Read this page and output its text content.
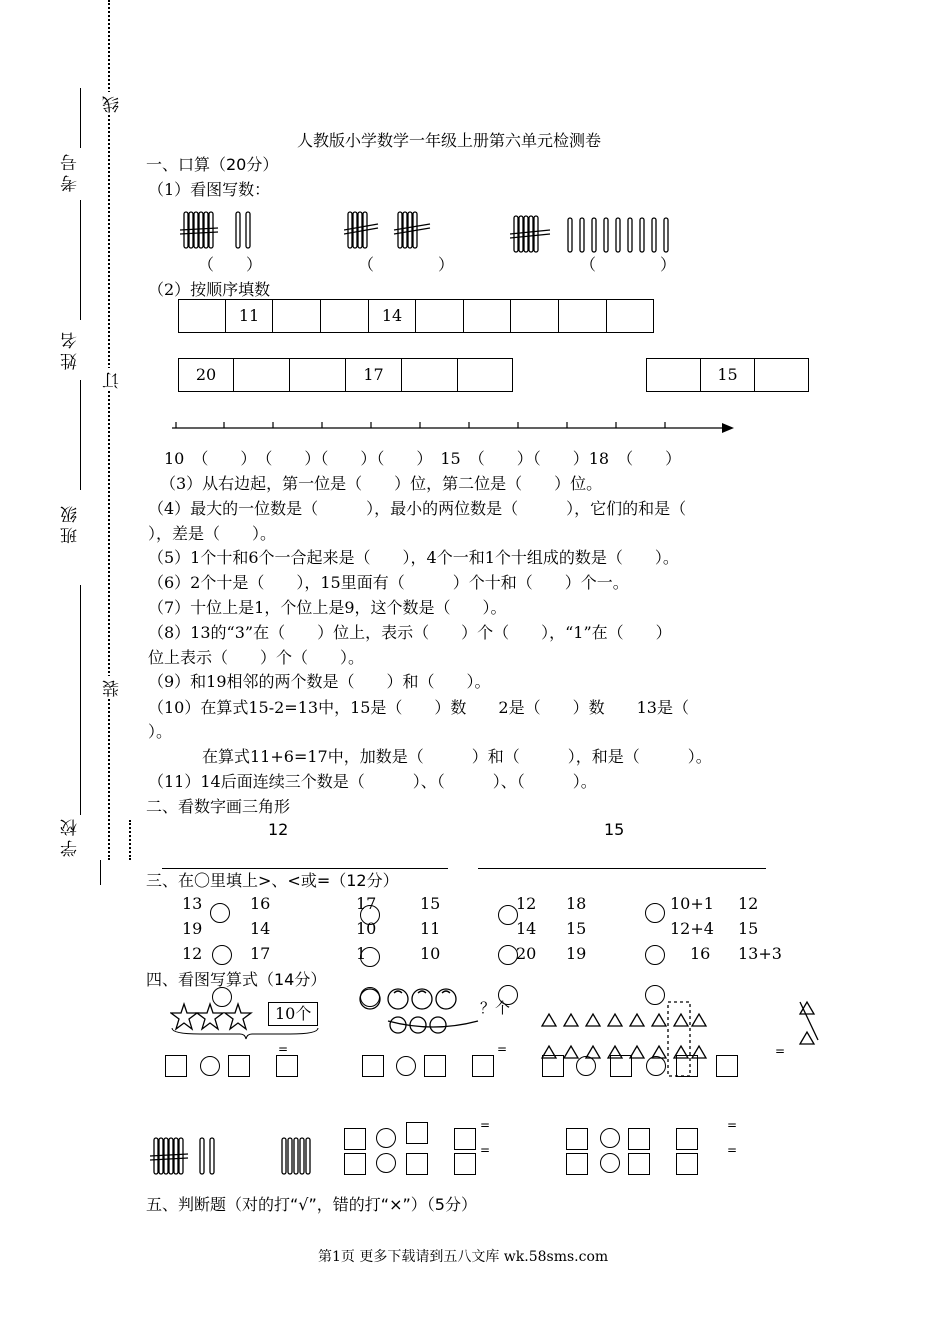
考号
姓名
班级
学校
线
订
装
人教版小学数学一年级上册第六单元检测卷
一、口算（20分）
（1）看图写数：
（　　）	（　　　　）	（　　　　）
（2）按顺序填数
11	14
20	17	15
10　（　　）　（　　）（　　）（　　）　15　（　　）（　　）18　（　　）
（3）从右边起，第一位是（　　）位，第二位是（　　）位。
（4）最大的一位数是（　　　），最小的两位数是（　　　），它们的和是（
），差是（　　）。
（5）1个十和6个一合起来是（　　），4个一和1个十组成的数是（　　）。
（6）2个十是（　　），15里面有（　　　）个十和（　　）个一。
（7）十位上是1，个位上是9，这个数是（　　）。
（8）13的“3”在（　　）位上，表示（　　）个（　　），“1”在（　　）
位上表示（　　）个（　　）。
（9）和19相邻的两个数是（　　）和（　　）。
（10）在算式15-2=13中，15是（　　）数　　2是（　　）数　　13是（
）。
在算式11+6=17中，加数是（　　　）和（　　　），和是（　　　）。
（11）14后面连续三个数是（　　　）、（　　　）、（　　　）。
二、看数字画三角形
12	15
三、在〇里填上>、<或=（12分）
13	16
19	14
12	17
17	15
10	11
1	10
12 18
14 15
20 19
10+1 12
12+4 15
16 13+3
四、看图写算式（14分）
10个	？个
=	=	=
=
=
=
=
五、判断题（对的打“√”，错的打“×”）（5分）
第1页 更多下载请到五八文库 wk.58sms.com
